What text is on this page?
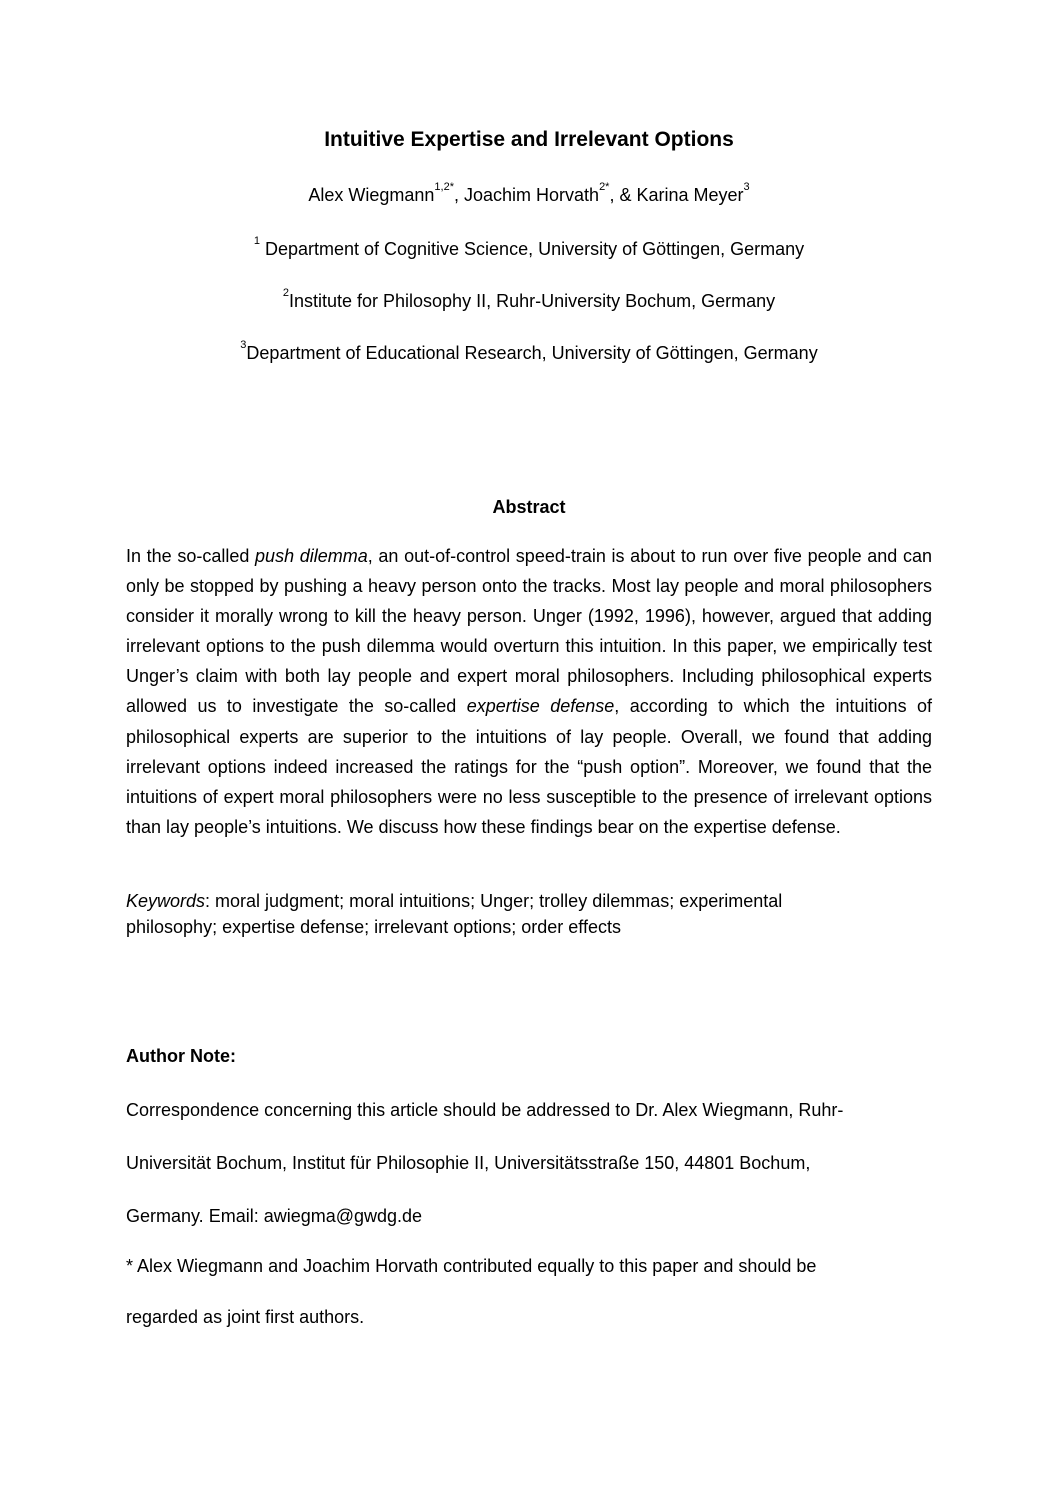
Intuitive Expertise and Irrelevant Options
Alex Wiegmann$^{1,2*}$, Joachim Horvath$^{2*}$, & Karina Meyer$^3$
$^1$ Department of Cognitive Science, University of Göttingen, Germany
$^2$Institute for Philosophy II, Ruhr-University Bochum, Germany
$^3$Department of Educational Research, University of Göttingen, Germany
Abstract
In the so-called push dilemma, an out-of-control speed-train is about to run over five people and can only be stopped by pushing a heavy person onto the tracks. Most lay people and moral philosophers consider it morally wrong to kill the heavy person. Unger (1992, 1996), however, argued that adding irrelevant options to the push dilemma would overturn this intuition. In this paper, we empirically test Unger’s claim with both lay people and expert moral philosophers. Including philosophical experts allowed us to investigate the so-called expertise defense, according to which the intuitions of philosophical experts are superior to the intuitions of lay people. Overall, we found that adding irrelevant options indeed increased the ratings for the “push option”. Moreover, we found that the intuitions of expert moral philosophers were no less susceptible to the presence of irrelevant options than lay people’s intuitions. We discuss how these findings bear on the expertise defense.
Keywords: moral judgment; moral intuitions; Unger; trolley dilemmas; experimental
philosophy; expertise defense; irrelevant options; order effects
Author Note:
Correspondence concerning this article should be addressed to Dr. Alex Wiegmann, Ruhr-
Universität Bochum, Institut für Philosophie II, Universitätsstraße 150, 44801 Bochum,
Germany. Email: awiegma@gwdg.de
* Alex Wiegmann and Joachim Horvath contributed equally to this paper and should be
regarded as joint first authors.
